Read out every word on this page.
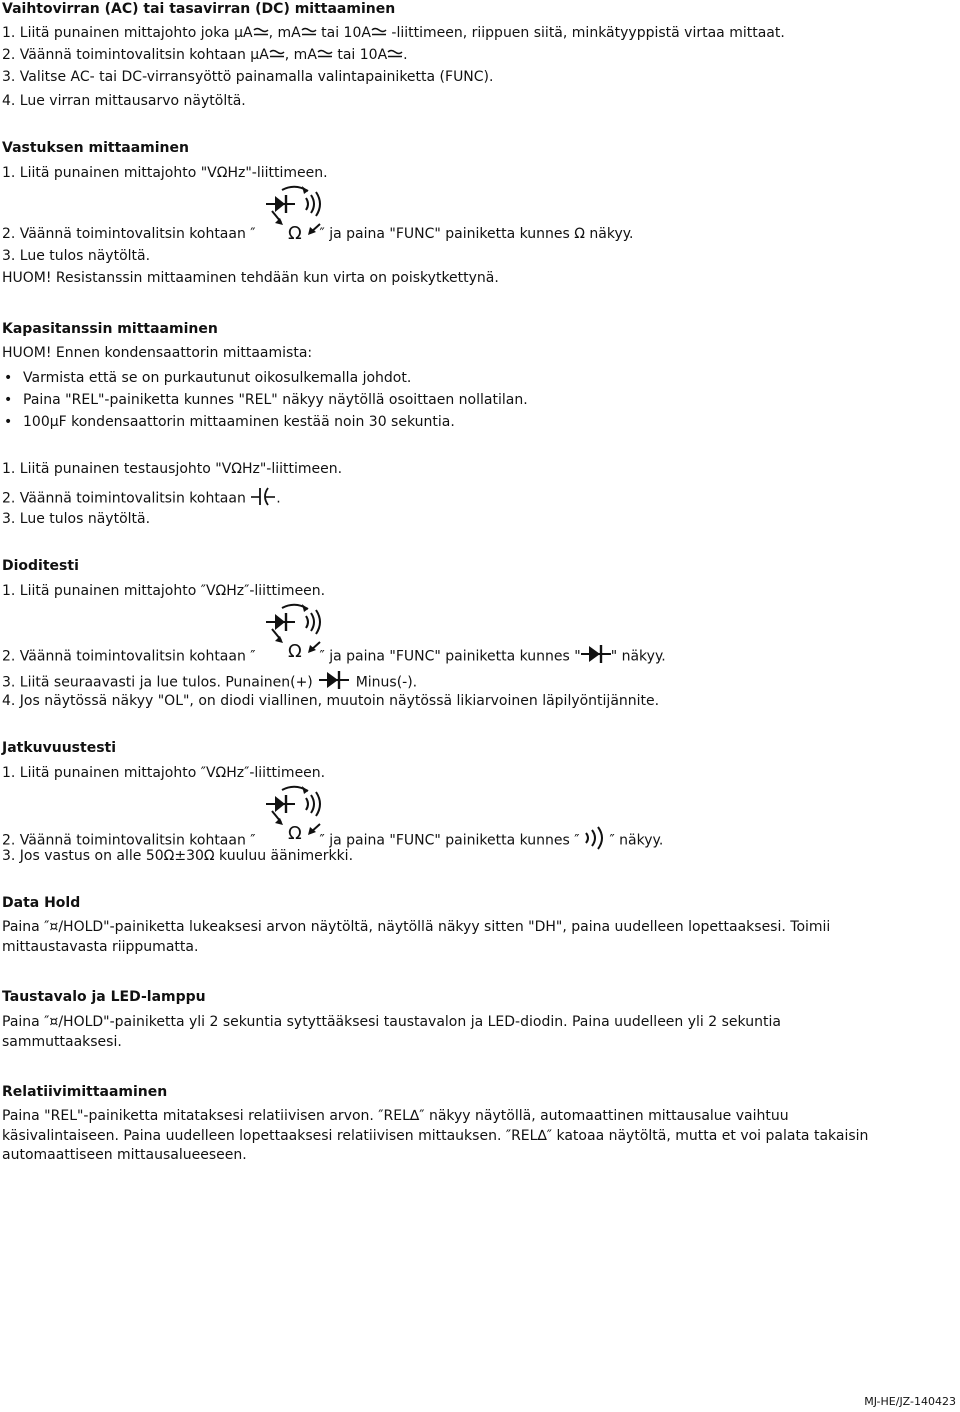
Vaihtovirran (AC) tai tasavirran (DC) mittaaminen
1. Liitä punainen mittajohto joka μA , mA tai 10A -liittimeen, riippuen siitä, minkätyyppistä virtaa mittaat.
2. Väännä toimintovalitsin kohtaan μA , mA tai 10A .
3. Valitse AC- tai DC-virransyöttö painamalla valintapainiketta (FUNC).
4. Lue virran mittausarvo näytöltä.
Vastuksen mittaaminen
1. Liitä punainen mittajohto "VΩHz"-liittimeen.
2. Väännä toimintovalitsin kohtaan ″	″ ja paina "FUNC" painiketta kunnes Ω näkyy.
Ω
3. Lue tulos näytöltä.
HUOM! Resistanssin mittaaminen tehdään kun virta on poiskytkettynä.
Kapasitanssin mittaaminen
HUOM! Ennen kondensaattorin mittaamista:
• Varmista että se on purkautunut oikosulkemalla johdot.
• Paina "REL"-painiketta kunnes "REL" näkyy näytöllä osoittaen nollatilan.
• 100μF kondensaattorin mittaaminen kestää noin 30 sekuntia.
1. Liitä punainen testausjohto "VΩHz"-liittimeen.
2. Väännä toimintovalitsin kohtaan .
3. Lue tulos näytöltä.
Dioditesti
1. Liitä punainen mittajohto ″VΩHz″-liittimeen.
Ω
2. Väännä toimintovalitsin kohtaan ″	″ ja paina "FUNC" painiketta kunnes " " näkyy.
3. Liitä seuraavasti ja lue tulos. Punainen(+)	Minus(-).
4. Jos näytössä näkyy "OL", on diodi viallinen, muutoin näytössä likiarvoinen läpilyöntijännite.
Jatkuvuustesti
1. Liitä punainen mittajohto ″VΩHz″-liittimeen.
Ω
2. Väännä toimintovalitsin kohtaan ″	″ ja paina "FUNC" painiketta kunnes ″ ″ näkyy.
3. Jos vastus on alle 50Ω±30Ω kuuluu äänimerkki.
Data Hold
Paina ″¤/HOLD"-painiketta lukeaksesi arvon näytöltä, näytöllä näkyy sitten "DH", paina uudelleen lopettaaksesi. Toimii mittaustavasta riippumatta.
Taustavalo ja LED-lamppu
Paina ″¤/HOLD"-painiketta yli 2 sekuntia sytyttääksesi taustavalon ja LED-diodin. Paina uudelleen yli 2 sekuntia sammuttaaksesi.
Relatiivimittaaminen
Paina "REL"-painiketta mitataksesi relatiivisen arvon. ″REL∆″ näkyy näytöllä, automaattinen mittausalue vaihtuu käsivalintaiseen. Paina uudelleen lopettaaksesi relatiivisen mittauksen. ″REL∆″ katoaa näytöltä, mutta et voi palata takaisin automaattiseen mittausalueeseen.
MJ-HE/JZ-140423
